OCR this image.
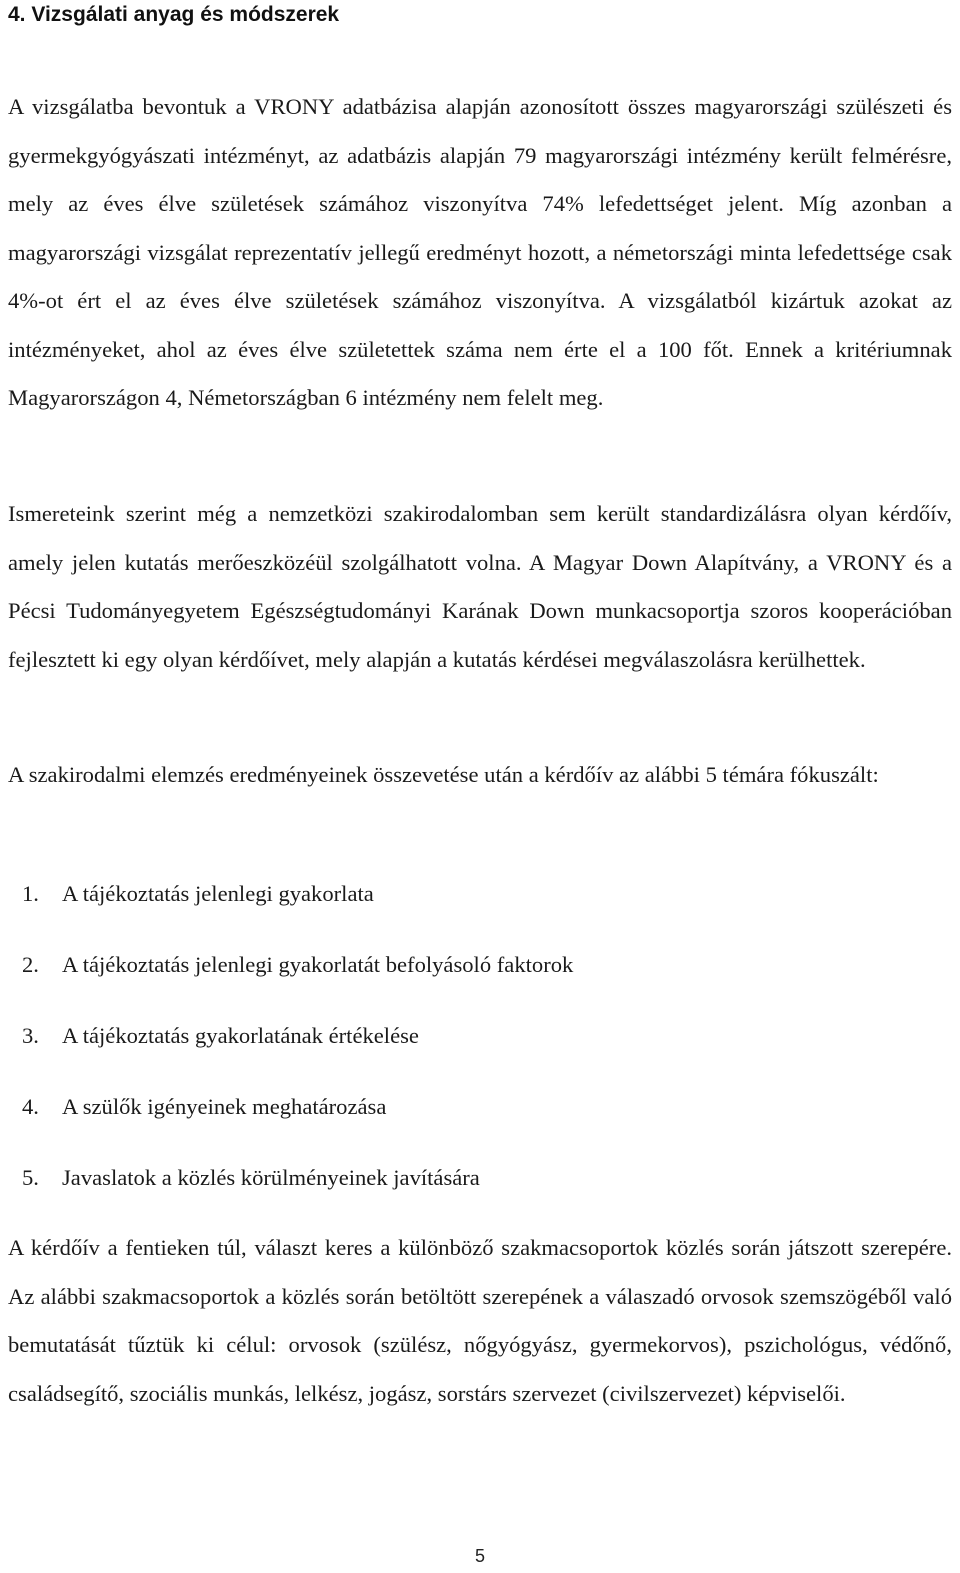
4. Vizsgálati anyag és módszerek

A vizsgálatba bevontuk a VRONY adatbázisa alapján azonosított összes magyarországi szülészeti és gyermekgyógyászati intézményt, az adatbázis alapján 79 magyarországi intézmény került felmérésre, mely az éves élve születések számához viszonyítva 74% lefedettséget jelent. Míg azonban a magyarországi vizsgálat reprezentatív jellegű eredményt hozott, a németországi minta lefedettsége csak 4%-ot ért el az éves élve születések számához viszonyítva. A vizsgálatból kizártuk azokat az intézményeket, ahol az éves élve születettek száma nem érte el a 100 főt. Ennek a kritériumnak Magyarországon 4, Németországban 6 intézmény nem felelt meg.

Ismereteink szerint még a nemzetközi szakirodalomban sem került standardizálásra olyan kérdőív, amely jelen kutatás merőeszközéül szolgálhatott volna. A Magyar Down Alapítvány, a VRONY és a Pécsi Tudományegyetem Egészségtudományi Karának Down munkacsoportja szoros kooperációban fejlesztett ki egy olyan kérdőívet, mely alapján a kutatás kérdései megválaszolásra kerülhettek.

A szakirodalmi elemzés eredményeinek összevetése után a kérdőív az alábbi 5 témára fókuszált:

1.	A tájékoztatás jelenlegi gyakorlata
2.	A tájékoztatás jelenlegi gyakorlatát befolyásoló faktorok
3.	A tájékoztatás gyakorlatának értékelése
4.	A szülők igényeinek meghatározása
5.	Javaslatok a közlés körülményeinek javítására

A kérdőív a fentieken túl, választ keres a különböző szakmacsoportok közlés során játszott szerepére. Az alábbi szakmacsoportok a közlés során betöltött szerepének a válaszadó orvosok szemszögéből való bemutatását tűztük ki célul: orvosok (szülész, nőgyógyász, gyermekorvos), pszichológus, védőnő, családsegítő, szociális munkás, lelkész, jogász, sorstárs szervezet (civilszervezet) képviselői.

5
